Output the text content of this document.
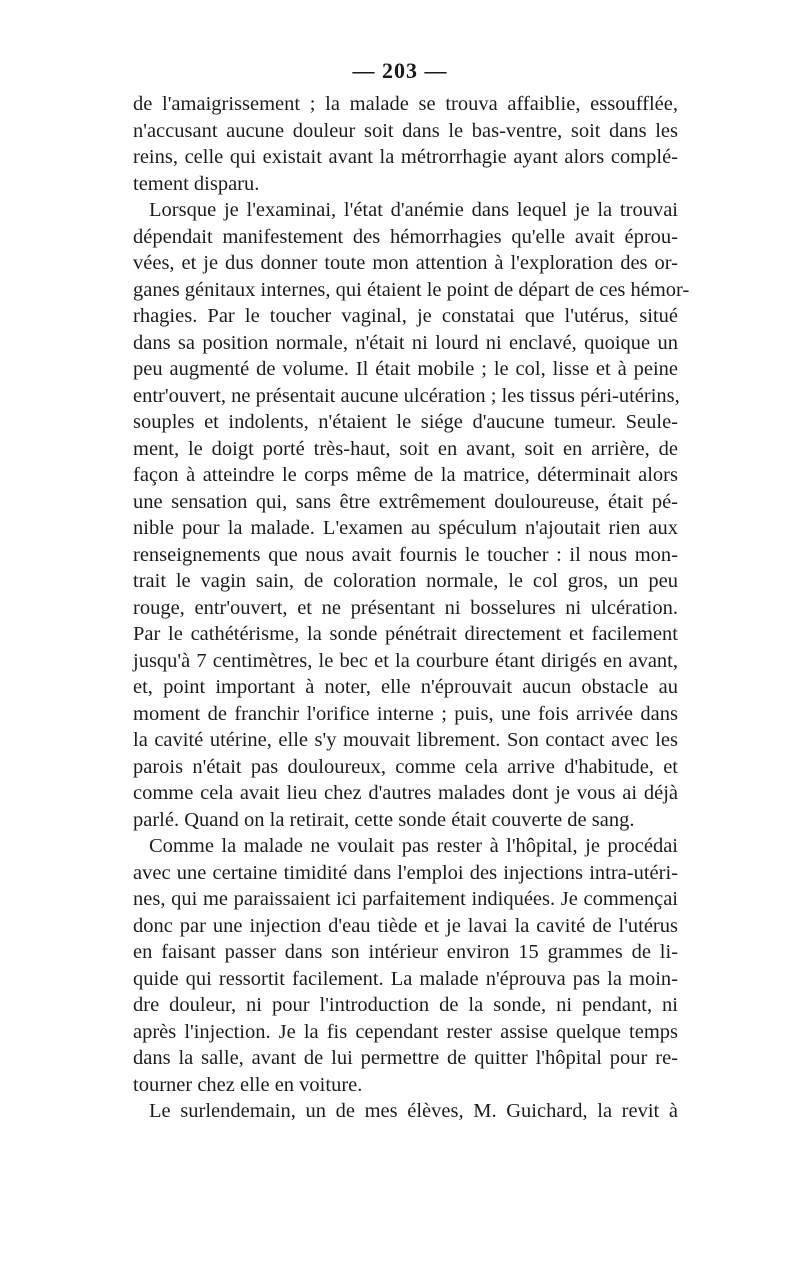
— 203 —
de l'amaigrissement ; la malade se trouva affaiblie, essoufflée,
n'accusant aucune douleur soit dans le bas-ventre, soit dans les
reins, celle qui existait avant la métrorrhagie ayant alors complé-
tement disparu.
Lorsque je l'examinai, l'état d'anémie dans lequel je la trouvai
dépendait manifestement des hémorrhagies qu'elle avait éprou-
vées, et je dus donner toute mon attention à l'exploration des or-
ganes génitaux internes, qui étaient le point de départ de ces hémor-
rhagies. Par le toucher vaginal, je constatai que l'utérus, situé
dans sa position normale, n'était ni lourd ni enclavé, quoique un
peu augmenté de volume. Il était mobile ; le col, lisse et à peine
entr'ouvert, ne présentait aucune ulcération ; les tissus péri-utérins,
souples et indolents, n'étaient le siége d'aucune tumeur. Seule-
ment, le doigt porté très-haut, soit en avant, soit en arrière, de
façon à atteindre le corps même de la matrice, déterminait alors
une sensation qui, sans être extrêmement douloureuse, était pé-
nible pour la malade. L'examen au spéculum n'ajoutait rien aux
renseignements que nous avait fournis le toucher : il nous mon-
trait le vagin sain, de coloration normale, le col gros, un peu
rouge, entr'ouvert, et ne présentant ni bosselures ni ulcération.
Par le cathétérisme, la sonde pénétrait directement et facilement
jusqu'à 7 centimètres, le bec et la courbure étant dirigés en avant,
et, point important à noter, elle n'éprouvait aucun obstacle au
moment de franchir l'orifice interne ; puis, une fois arrivée dans
la cavité utérine, elle s'y mouvait librement. Son contact avec les
parois n'était pas douloureux, comme cela arrive d'habitude, et
comme cela avait lieu chez d'autres malades dont je vous ai déjà
parlé. Quand on la retirait, cette sonde était couverte de sang.
Comme la malade ne voulait pas rester à l'hôpital, je procédai
avec une certaine timidité dans l'emploi des injections intra-utéri-
nes, qui me paraissaient ici parfaitement indiquées. Je commençai
donc par une injection d'eau tiède et je lavai la cavité de l'utérus
en faisant passer dans son intérieur environ 15 grammes de li-
quide qui ressortit facilement. La malade n'éprouva pas la moin-
dre douleur, ni pour l'introduction de la sonde, ni pendant, ni
après l'injection. Je la fis cependant rester assise quelque temps
dans la salle, avant de lui permettre de quitter l'hôpital pour re-
tourner chez elle en voiture.
Le surlendemain, un de mes élèves, M. Guichard, la revit à
